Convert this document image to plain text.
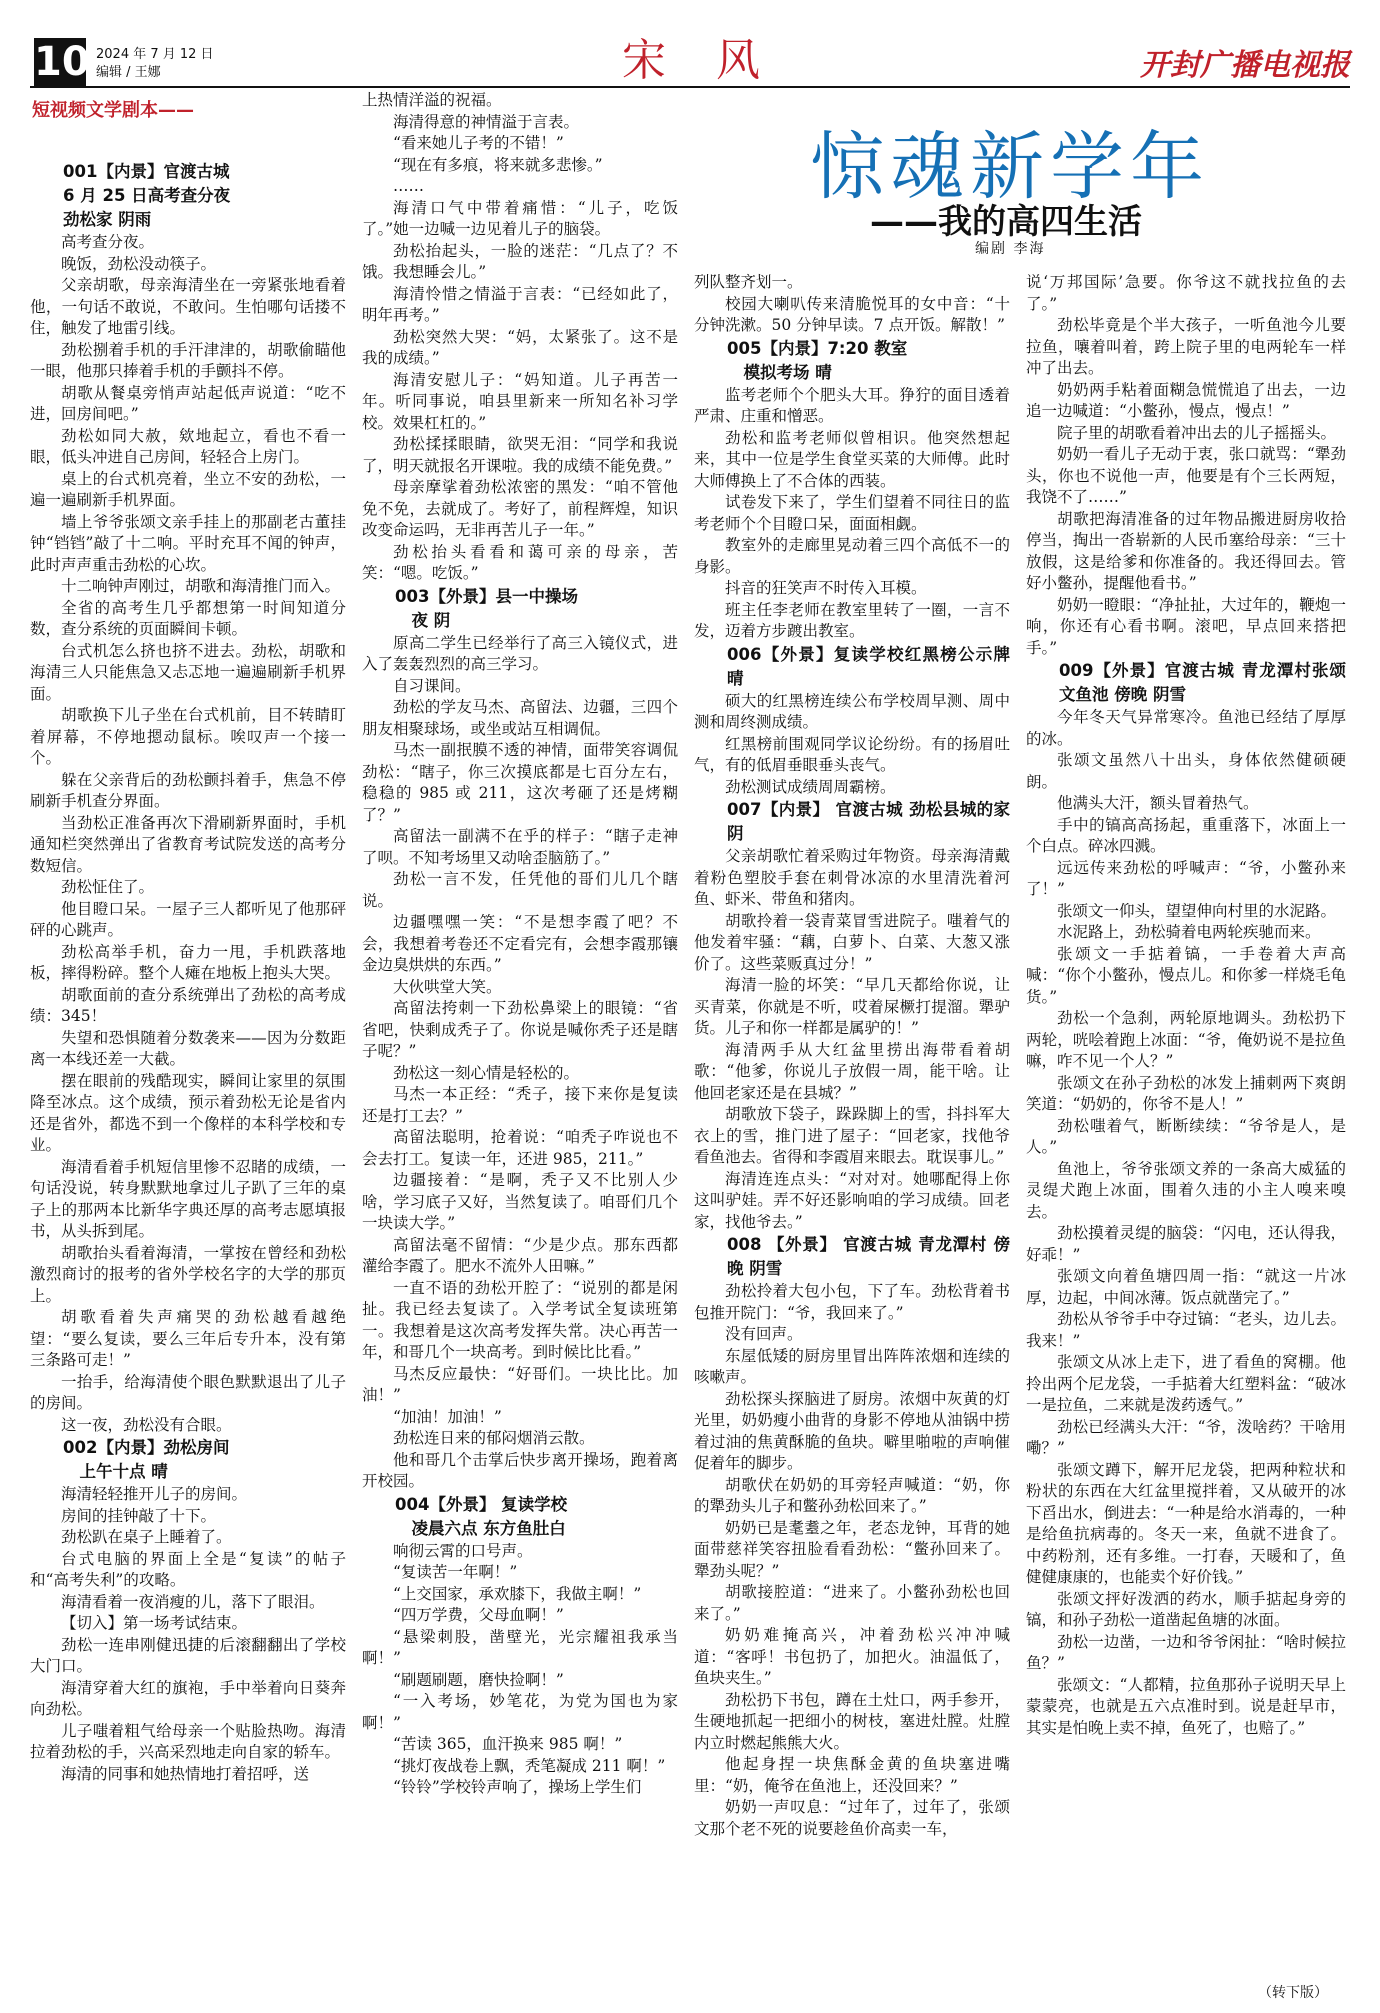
10 2024 年 7 月 12 日
编辑 / 王娜	宋 风	开封广播电视报
短视频文学剧本——
惊魂新学年
——我的高四生活
编剧 李海

001【内景】官渡古城

6 月 25 日高考查分夜

劲松家 阴雨

高考查分夜。

晚饭，劲松没动筷子。

父亲胡歌，母亲海清坐在一旁紧张地看着他，一句话不敢说，不敢问。生怕哪句话搂不住，触发了地雷引线。

劲松捌着手机的手汗津津的，胡歌偷瞄他一眼，他那只捧着手机的手颤抖不停。

胡歌从餐桌旁悄声站起低声说道：“吃不进，回房间吧。”

劲松如同大赦，欸地起立，看也不看一眼，低头冲进自己房间，轻轻合上房门。

桌上的台式机亮着，坐立不安的劲松，一遍一遍刷新手机界面。

墙上爷爷张颂文亲手挂上的那副老古董挂钟“铛铛”敲了十二响。平时充耳不闻的钟声，此时声声重击劲松的心坎。

十二响钟声刚过，胡歌和海清推门而入。

全省的高考生几乎都想第一时间知道分数，查分系统的页面瞬间卡顿。

台式机怎么挤也挤不进去。劲松，胡歌和海清三人只能焦急又忐忑地一遍遍刷新手机界面。

胡歌换下儿子坐在台式机前，目不转睛盯着屏幕，不停地摁动鼠标。唉叹声一个接一个。

躲在父亲背后的劲松颤抖着手，焦急不停刷新手机查分界面。

当劲松正准备再次下滑刷新界面时，手机通知栏突然弹出了省教育考试院发送的高考分数短信。

劲松怔住了。

他目瞪口呆。一屋子三人都听见了他那砰砰的心跳声。

劲松高举手机，奋力一甩，手机跌落地板，摔得粉碎。整个人瘫在地板上抱头大哭。

胡歌面前的查分系统弹出了劲松的高考成绩：345！

失望和恐惧随着分数袭来——因为分数距离一本线还差一大截。

摆在眼前的残酷现实，瞬间让家里的氛围降至冰点。这个成绩，预示着劲松无论是省内还是省外，都选不到一个像样的本科学校和专业。

海清看着手机短信里惨不忍睹的成绩，一句话没说，转身默默地拿过儿子趴了三年的桌子上的那两本比新华字典还厚的高考志愿填报书，从头拆到尾。

胡歌抬头看着海清，一掌按在曾经和劲松激烈商讨的报考的省外学校名字的大学的那页上。

胡歌看着失声痛哭的劲松越看越绝望：“要么复读，要么三年后专升本，没有第三条路可走！”

一抬手，给海清使个眼色默默退出了儿子的房间。

这一夜，劲松没有合眼。

002【内景】劲松房间

上午十点 晴

海清轻轻推开儿子的房间。

房间的挂钟敲了十下。

劲松趴在桌子上睡着了。

台式电脑的界面上全是“复读”的帖子和“高考失利”的攻略。

海清看着一夜消瘦的儿，落下了眼泪。

【切入】第一场考试结束。

劲松一连串刚健迅捷的后滚翻翻出了学校大门口。

海清穿着大红的旗袍，手中举着向日葵奔向劲松。

儿子嗤着粗气给母亲一个贴脸热吻。海清拉着劲松的手，兴高采烈地走向自家的轿车。

海清的同事和她热情地打着招呼，送

上热情洋溢的祝福。

海清得意的神情溢于言表。

“看来她儿子考的不错！”

“现在有多痕，将来就多悲惨。”

……

海清口气中带着痛惜：“儿子，吃饭了。”她一边喊一边见着儿子的脑袋。

劲松抬起头，一脸的迷茫：“几点了？不饿。我想睡会儿。”

海清怜惜之情溢于言表：“已经如此了，明年再考。”

劲松突然大哭：“妈，太紧张了。这不是我的成绩。”

海清安慰儿子：“妈知道。儿子再苦一年。听同事说，咱县里新来一所知名补习学校。效果杠杠的。”

劲松揉揉眼睛，欲哭无泪：“同学和我说了，明天就报名开课啦。我的成绩不能免费。”

母亲摩挲着劲松浓密的黑发：“咱不管他免不免，去就成了。考好了，前程辉煌，知识改变命运吗，无非再苦儿子一年。”

劲松抬头看看和蔼可亲的母亲，苦笑：“嗯。吃饭。”

003【外景】县一中操场

夜 阴

原高二学生已经举行了高三入镜仪式，进入了轰轰烈烈的高三学习。

自习课间。

劲松的学友马杰、高留法、边疆，三四个朋友相聚球场，或坐或站互相调侃。

马杰一副抿膜不透的神情，面带笑容调侃劲松：“瞎子，你三次摸底都是七百分左右，稳稳的 985 或 211，这次考砸了还是烤糊了？”

高留法一副满不在乎的样子：“瞎子走神了呗。不知考场里又动啥歪脑筋了。”

劲松一言不发，任凭他的哥们儿几个瞎说。

边疆嘿嘿一笑：“不是想李霞了吧？不会，我想着考卷还不定看完有，会想李霞那镶金边臭烘烘的东西。”

大伙哄堂大笑。

高留法挎刺一下劲松鼻梁上的眼镜：“省省吧，快剩成秃子了。你说是喊你秃子还是瞎子呢？”

劲松这一刻心情是轻松的。

马杰一本正经：“秃子，接下来你是复读还是打工去？”

高留法聪明，抢着说：“咱秃子咋说也不会去打工。复读一年，还进 985，211。”

边疆接着：“是啊，秃子又不比别人少啥，学习底子又好，当然复读了。咱哥们几个一块读大学。”

高留法毫不留情：“少是少点。那东西都灌给李霞了。肥水不流外人田嘛。”

一直不语的劲松开腔了：“说别的都是闲扯。我已经去复读了。入学考试全复读班第一。我想着是这次高考发挥失常。决心再苦一年，和哥几个一块高考。到时候比比看。”

马杰反应最快：“好哥们。一块比比。加油！”

“加油！加油！”

劲松连日来的郁闷烟消云散。

他和哥几个击掌后快步离开操场，跑着离开校园。

004【外景】 复读学校

凌晨六点 东方鱼肚白

响彻云霄的口号声。

“复读苦一年啊！”

“上交国家，承欢膝下，我做主啊！”

“四万学费，父母血啊！”

“悬梁刺股，凿壁光，光宗耀祖我承当啊！”

“刷题刷题，磨快捡啊！”

“一入考场，妙笔花，为党为国也为家啊！”

“苦读 365，血汗换来 985 啊！”

“挑灯夜战卷上飘，秃笔凝成 211 啊！”

“铃铃”学校铃声响了，操场上学生们

列队整齐划一。

校园大喇叭传来清脆悦耳的女中音：“十分钟洗漱。50 分钟早读。7 点开饭。解散！”

005【内景】7:20 教室

模拟考场 晴

监考老师个个肥头大耳。狰狞的面目透着严肃、庄重和憎恶。

劲松和监考老师似曾相识。他突然想起来，其中一位是学生食堂买菜的大师傅。此时大师傅换上了不合体的西装。

试卷发下来了，学生们望着不同往日的监考老师个个目瞪口呆，面面相觑。

教室外的走廊里晃动着三四个高低不一的身影。

抖音的狂笑声不时传入耳模。

班主任李老师在教室里转了一圈，一言不发，迈着方步踱出教室。

006【外景】复读学校红黑榜公示牌 晴

硕大的红黑榜连续公布学校周早测、周中测和周终测成绩。

红黑榜前围观同学议论纷纷。有的扬眉吐气，有的低眉垂眼垂头丧气。

劲松测试成绩周周霸榜。

007【内景】 官渡古城 劲松县城的家 阴

父亲胡歌忙着采购过年物资。母亲海清戴着粉色塑胶手套在刺骨冰凉的水里清洗着河鱼、虾米、带鱼和猪肉。

胡歌拎着一袋青菜冒雪进院子。嗤着气的他发着牢骚：“藕，白萝卜、白菜、大葱又涨价了。这些菜贩真过分！”

海清一脸的坏笑：“早几天都给你说，让买青菜，你就是不听，哎着屎橛打提溜。犟驴货。儿子和你一样都是属驴的！”

海清两手从大红盆里捞出海带看着胡歌：“他爹，你说儿子放假一周，能干啥。让他回老家还是在县城？”

胡歌放下袋子，跺跺脚上的雪，抖抖军大衣上的雪，推门进了屋子：“回老家，找他爷看鱼池去。省得和李霞眉来眼去。耽误事儿。”

海清连连点头：“对对对。她哪配得上你这叫驴娃。弄不好还影响咱的学习成绩。回老家，找他爷去。”

008 【外景】 官渡古城 青龙潭村 傍晚 阴雪

劲松拎着大包小包，下了车。劲松背着书包推开院门：“爷，我回来了。”

没有回声。

东屋低矮的厨房里冒出阵阵浓烟和连续的咳嗽声。

劲松探头探脑进了厨房。浓烟中灰黄的灯光里，奶奶瘦小曲背的身影不停地从油锅中捞着过油的焦黄酥脆的鱼块。噼里啪啦的声响催促着年的脚步。

胡歌伏在奶奶的耳旁轻声喊道：“奶，你的犟劲头儿子和鳖孙劲松回来了。”

奶奶已是耄耋之年，老态龙钟，耳背的她面带慈祥笑容扭脸看看劲松：“鳖孙回来了。犟劲头呢？”

胡歌接腔道：“进来了。小鳖孙劲松也回来了。”

奶奶难掩高兴，冲着劲松兴冲冲喊道：“客呼！书包扔了，加把火。油温低了，鱼块夹生。”

劲松扔下书包，蹲在土灶口，两手参开，生硬地抓起一把细小的树枝，塞进灶膛。灶膛内立时燃起熊熊大火。

他起身捏一块焦酥金黄的鱼块塞进嘴里：“奶，俺爷在鱼池上，还没回来？”

奶奶一声叹息：“过年了，过年了，张颂文那个老不死的说要趁鱼价高卖一车，

说‘万邦国际’急要。你爷这不就找拉鱼的去了。”

劲松毕竟是个半大孩子，一听鱼池今儿要拉鱼，嚷着叫着，跨上院子里的电两轮车一样冲了出去。

奶奶两手粘着面糊急慌慌追了出去，一边追一边喊道：“小鳖孙，慢点，慢点！”

院子里的胡歌看着冲出去的儿子摇摇头。

奶奶一看儿子无动于衷，张口就骂：“犟劲头，你也不说他一声，他要是有个三长两短，我饶不了……”

胡歌把海清准备的过年物品搬进厨房收拾停当，掏出一沓崭新的人民币塞给母亲：“三十放假，这是给爹和你准备的。我还得回去。管好小鳖孙，提醒他看书。”

奶奶一瞪眼：“净扯扯，大过年的，鞭炮一响，你还有心看书啊。滚吧，早点回来搭把手。”

009【外景】官渡古城 青龙潭村张颂文鱼池 傍晚 阴雪

今年冬天气异常寒冷。鱼池已经结了厚厚的冰。

张颂文虽然八十出头，身体依然健硕硬朗。

他满头大汗，额头冒着热气。

手中的镐高高扬起，重重落下，冰面上一个白点。碎冰四溅。

远远传来劲松的呼喊声：“爷，小鳖孙来了！”

张颂文一仰头，望望伸向村里的水泥路。

水泥路上，劲松骑着电两轮疾驰而来。

张颂文一手掂着镐，一手卷着大声高喊：“你个小鳖孙，慢点儿。和你爹一样烧毛龟货。”

劲松一个急刹，两轮原地调头。劲松扔下两轮，咣哙着跑上冰面：“爷，俺奶说不是拉鱼嘛，咋不见一个人？”

张颂文在孙子劲松的冰发上捕刺两下爽朗笑道：“奶奶的，你爷不是人！”

劲松嗤着气，断断续续：“爷爷是人，是人。”

鱼池上，爷爷张颂文养的一条高大威猛的灵缇犬跑上冰面，围着久违的小主人嗅来嗅去。

劲松摸着灵缇的脑袋：“闪电，还认得我，好乖！”

张颂文向着鱼塘四周一指：“就这一片冰厚，边起，中间冰薄。饭点就凿完了。”

劲松从爷爷手中夺过镐：“老头，边儿去。我来！”

张颂文从冰上走下，进了看鱼的窝棚。他拎出两个尼龙袋，一手掂着大红塑料盆：“破冰一是拉鱼，二来就是泼药透气。”

劲松已经满头大汗：“爷，泼啥药？干啥用嘞？”

张颂文蹲下，解开尼龙袋，把两种粒状和粉状的东西在大红盆里搅拌着，又从破开的冰下舀出水，倒进去：“一种是给水消毒的，一种是给鱼抗病毒的。冬天一来，鱼就不进食了。中药粉剂，还有多维。一打春，天暖和了，鱼健健康康的，也能卖个好价钱。”

张颂文抨好泼洒的药水，顺手掂起身旁的镐，和孙子劲松一道凿起鱼塘的冰面。

劲松一边凿，一边和爷爷闲扯：“啥时候拉鱼？”

张颂文：“人都精，拉鱼那孙子说明天早上蒙蒙亮，也就是五六点准时到。说是赶早市，其实是怕晚上卖不掉，鱼死了，也赔了。”

（转下版）
